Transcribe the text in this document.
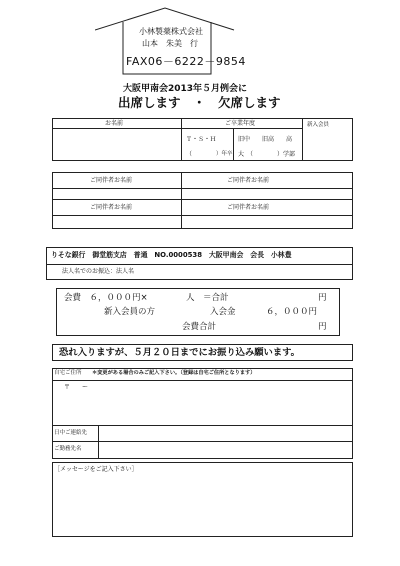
小林製薬株式会社
山本　朱美　行
FAX06－6222－9854
大阪甲南会2013年５月例会に
出席します　・　欠席します
お名前	ご卒業年度	新入会員
Ｔ・Ｓ・Ｈ
（	）年卒
旧中　　旧高　　高
大　（　　　　）学部
ご同伴者お名前	ご同伴者お名前
ご同伴者お名前	ご同伴者お名前
りそな銀行　御堂筋支店　普通　NO.0000538　大阪甲南会　会長　小林豊
法人名でのお振込：法人名
会費　６，０００円×	人　＝合計	円
新入会員の方	入会金	６，０００円
会費合計	円
恐れ入りますが、５月２０日までにお振り込み願います。
自宅ご住所 ＊変更がある場合のみご記入下さい。（登録は自宅ご住所となります）
〒　　ー
日中ご連絡先
ご勤務先名
［メッセージをご記入下さい］
